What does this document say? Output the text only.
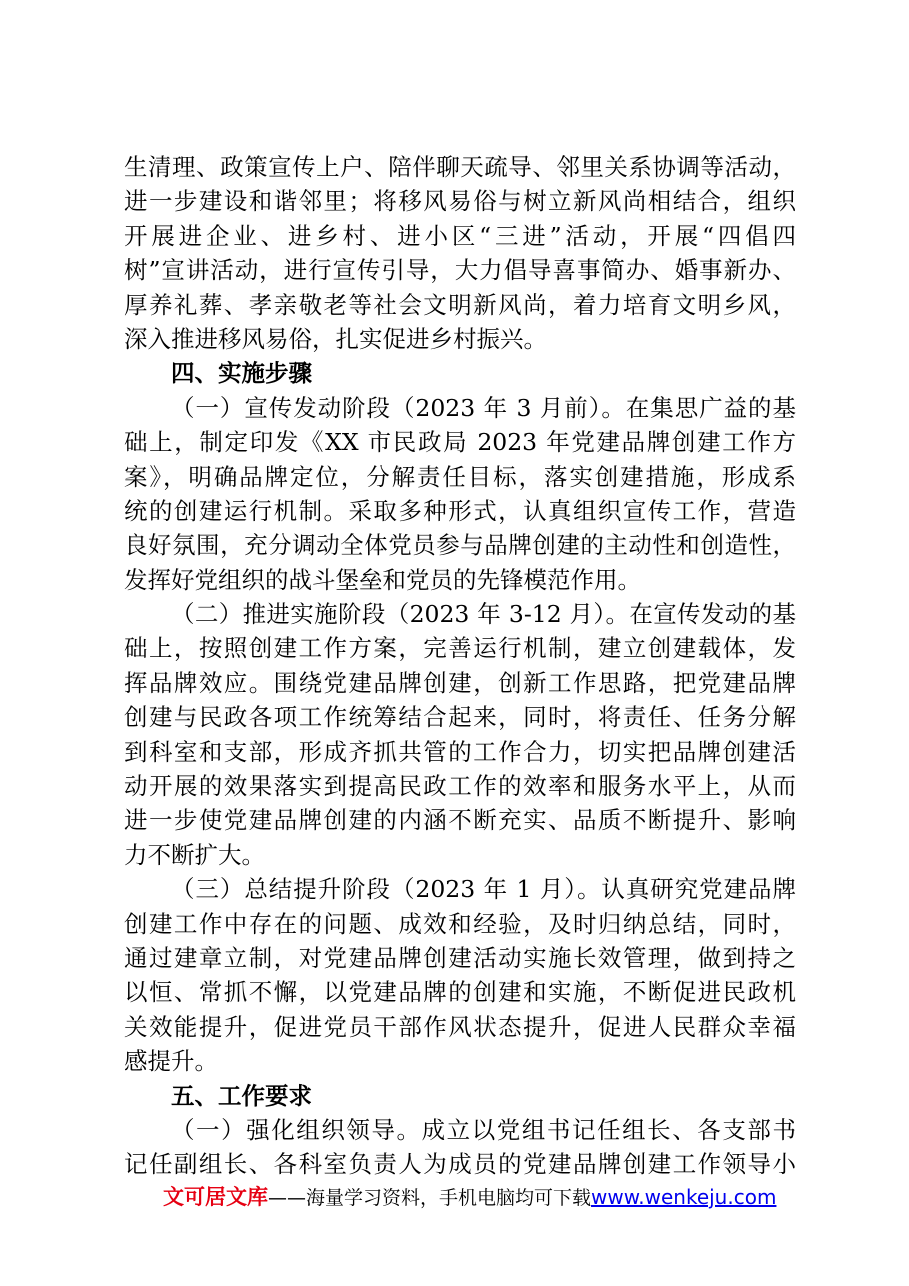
生清理、政策宣传上户、陪伴聊天疏导、邻里关系协调等活动，
进一步建设和谐邻里；将移风易俗与树立新风尚相结合，组织
开展进企业、进乡村、进小区“三进”活动，开展“四倡四
树”宣讲活动，进行宣传引导，大力倡导喜事简办、婚事新办、
厚养礼葬、孝亲敬老等社会文明新风尚，着力培育文明乡风，
深入推进移风易俗，扎实促进乡村振兴。
四、实施步骤
（一）宣传发动阶段（2023 年 3 月前）。在集思广益的基
础上，制定印发《XX 市民政局 2023 年党建品牌创建工作方
案》，明确品牌定位，分解责任目标，落实创建措施，形成系
统的创建运行机制。采取多种形式，认真组织宣传工作，营造
良好氛围，充分调动全体党员参与品牌创建的主动性和创造性，
发挥好党组织的战斗堡垒和党员的先锋模范作用。
（二）推进实施阶段（2023 年 3-12 月）。在宣传发动的基
础上，按照创建工作方案，完善运行机制，建立创建载体，发
挥品牌效应。围绕党建品牌创建，创新工作思路，把党建品牌
创建与民政各项工作统筹结合起来，同时，将责任、任务分解
到科室和支部，形成齐抓共管的工作合力，切实把品牌创建活
动开展的效果落实到提高民政工作的效率和服务水平上，从而
进一步使党建品牌创建的内涵不断充实、品质不断提升、影响
力不断扩大。
（三）总结提升阶段（2023 年 1 月）。认真研究党建品牌
创建工作中存在的问题、成效和经验，及时归纳总结，同时，
通过建章立制，对党建品牌创建活动实施长效管理，做到持之
以恒、常抓不懈，以党建品牌的创建和实施，不断促进民政机
关效能提升，促进党员干部作风状态提升，促进人民群众幸福
感提升。
五、工作要求
（一）强化组织领导。成立以党组书记任组长、各支部书
记任副组长、各科室负责人为成员的党建品牌创建工作领导小
文可居文库——海量学习资料，手机电脑均可下载www.wenkeju.com
